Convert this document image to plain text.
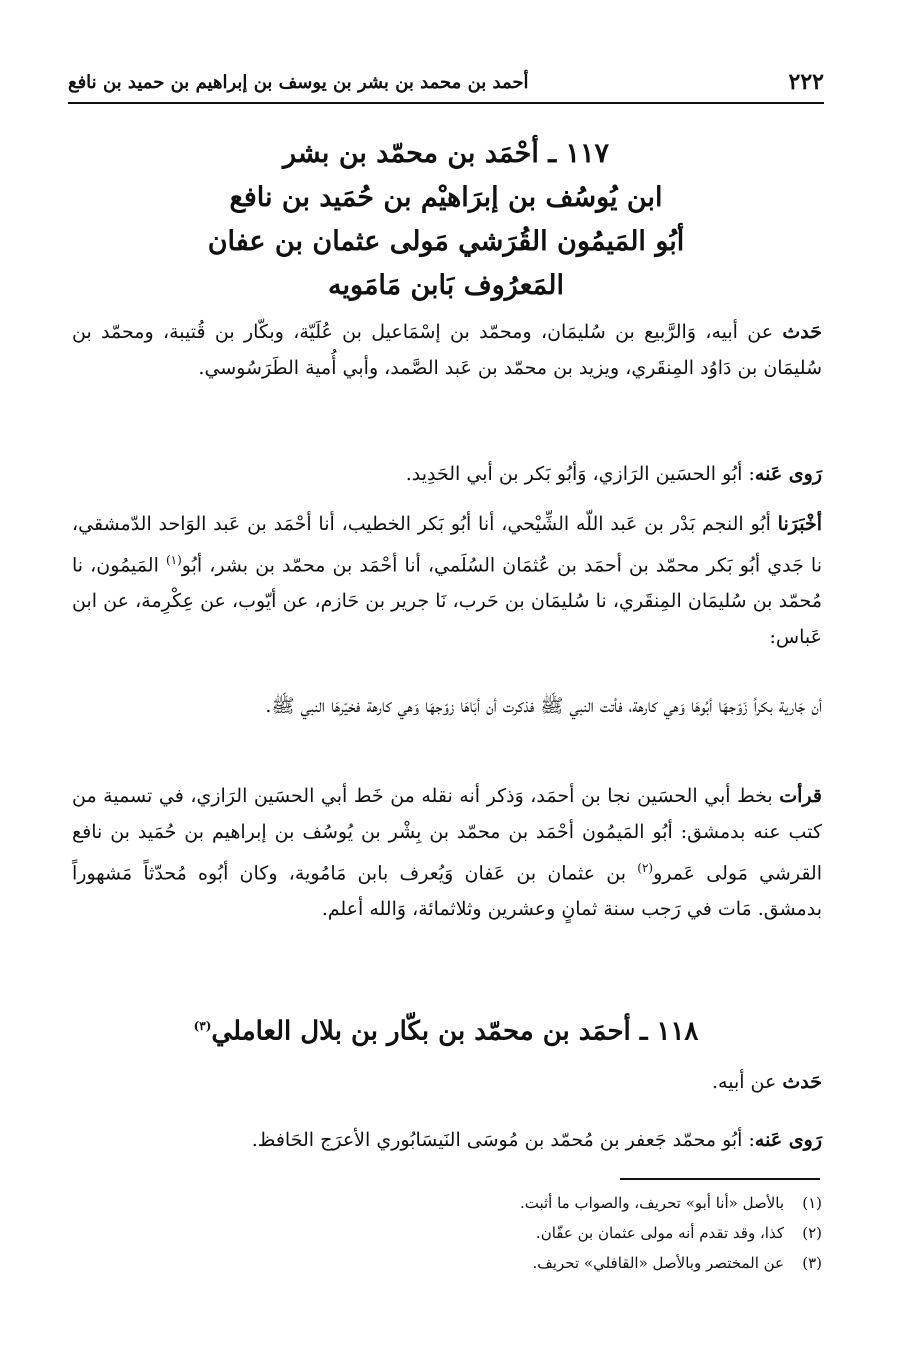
٢٢٢
أحمد بن محمد بن بشر بن يوسف بن إبراهيم بن حميد بن نافع
١١٧ ـ أحْمَد بن محمّد بن بشر
ابن يُوسُف بن إبرَاهيْم بن حُمَيد بن نافع
أبُو المَيمُون القُرَشي مَولى عثمان بن عفان
المَعرُوف بَابن مَامَويه

حَدث عن أبيه، وَالرَّبيع بن سُليمَان، ومحمّد بن إسْمَاعيل بن عُلَيّة، وبكّار بن قُتيبة، ومحمّد بن سُليمَان بن دَاوُد المِنقَري، ويزيد بن محمّد بن عَبد الصَّمد، وأبي أُمية الطَرَسُوسي.

رَوى عَنه: أبُو الحسَين الرَازي، وَأبُو بَكر بن أبي الحَدِيد.

أخْبَرَنا أبُو النجم بَدْر بن عَبد اللّه الشِّيْحي، أنا أبُو بَكر الخطيب، أنا أحْمَد بن عَبد الوَاحد الدّمشقي، نا جَدي أبُو بَكر محمّد بن أحمَد بن عُثمَان السُلَمي، أنا أحْمَد بن محمّد بن بشر، أبُو$^{(١)}$ المَيمُون، نا مُحمّد بن سُليمَان المِنقَري، نا سُليمَان بن حَرب، نَا جرير بن حَازم، عن أيّوب، عن عِكْرِمة، عن ابن عَباس:

أن جَارية بكراً زَوّجهَا أبُوهَا وَهي كارهة، فأتت النبي ﷺ فذكرت أن أبَاهَا زوّجهَا وَهي كارهة فخيّرهَا النبي ﷺ.

قرأت بخط أبي الحسَين نجا بن أحمَد، وَذكر أنه نقله من خَط أبي الحسَين الرَازي، في تسمية من كتب عنه بدمشق: أبُو المَيمُون أحْمَد بن محمّد بن بِشْر بن يُوسُف بن إبراهيم بن حُمَيد بن نافع القرشي مَولى عَمرو$^{(٢)}$ بن عثمان بن عَفان وَيُعرف بابن مَامُوية، وكان أبُوه مُحدّثاً مَشهوراً بدمشق. مَات في رَجب سنة ثمانٍ وعشرين وثلاثمائة، وَالله أعلم.

١١٨ ـ أحمَد بن محمّد بن بكّار بن بلال العاملي$^{(٣)}$

حَدث عن أبيه.

رَوى عَنه: أبُو محمّد جَعفر بن مُحمّد بن مُوسَى النَيسَابُوري الأعرَج الحَافظ.

(١)
بالأصل «أنا أبو» تحريف، والصواب ما أثبت.
(٢)
كذا، وقد تقدم أنه مولى عثمان بن عفّان.
(٣)
عن المختصر وبالأصل «القافلي» تحريف.
